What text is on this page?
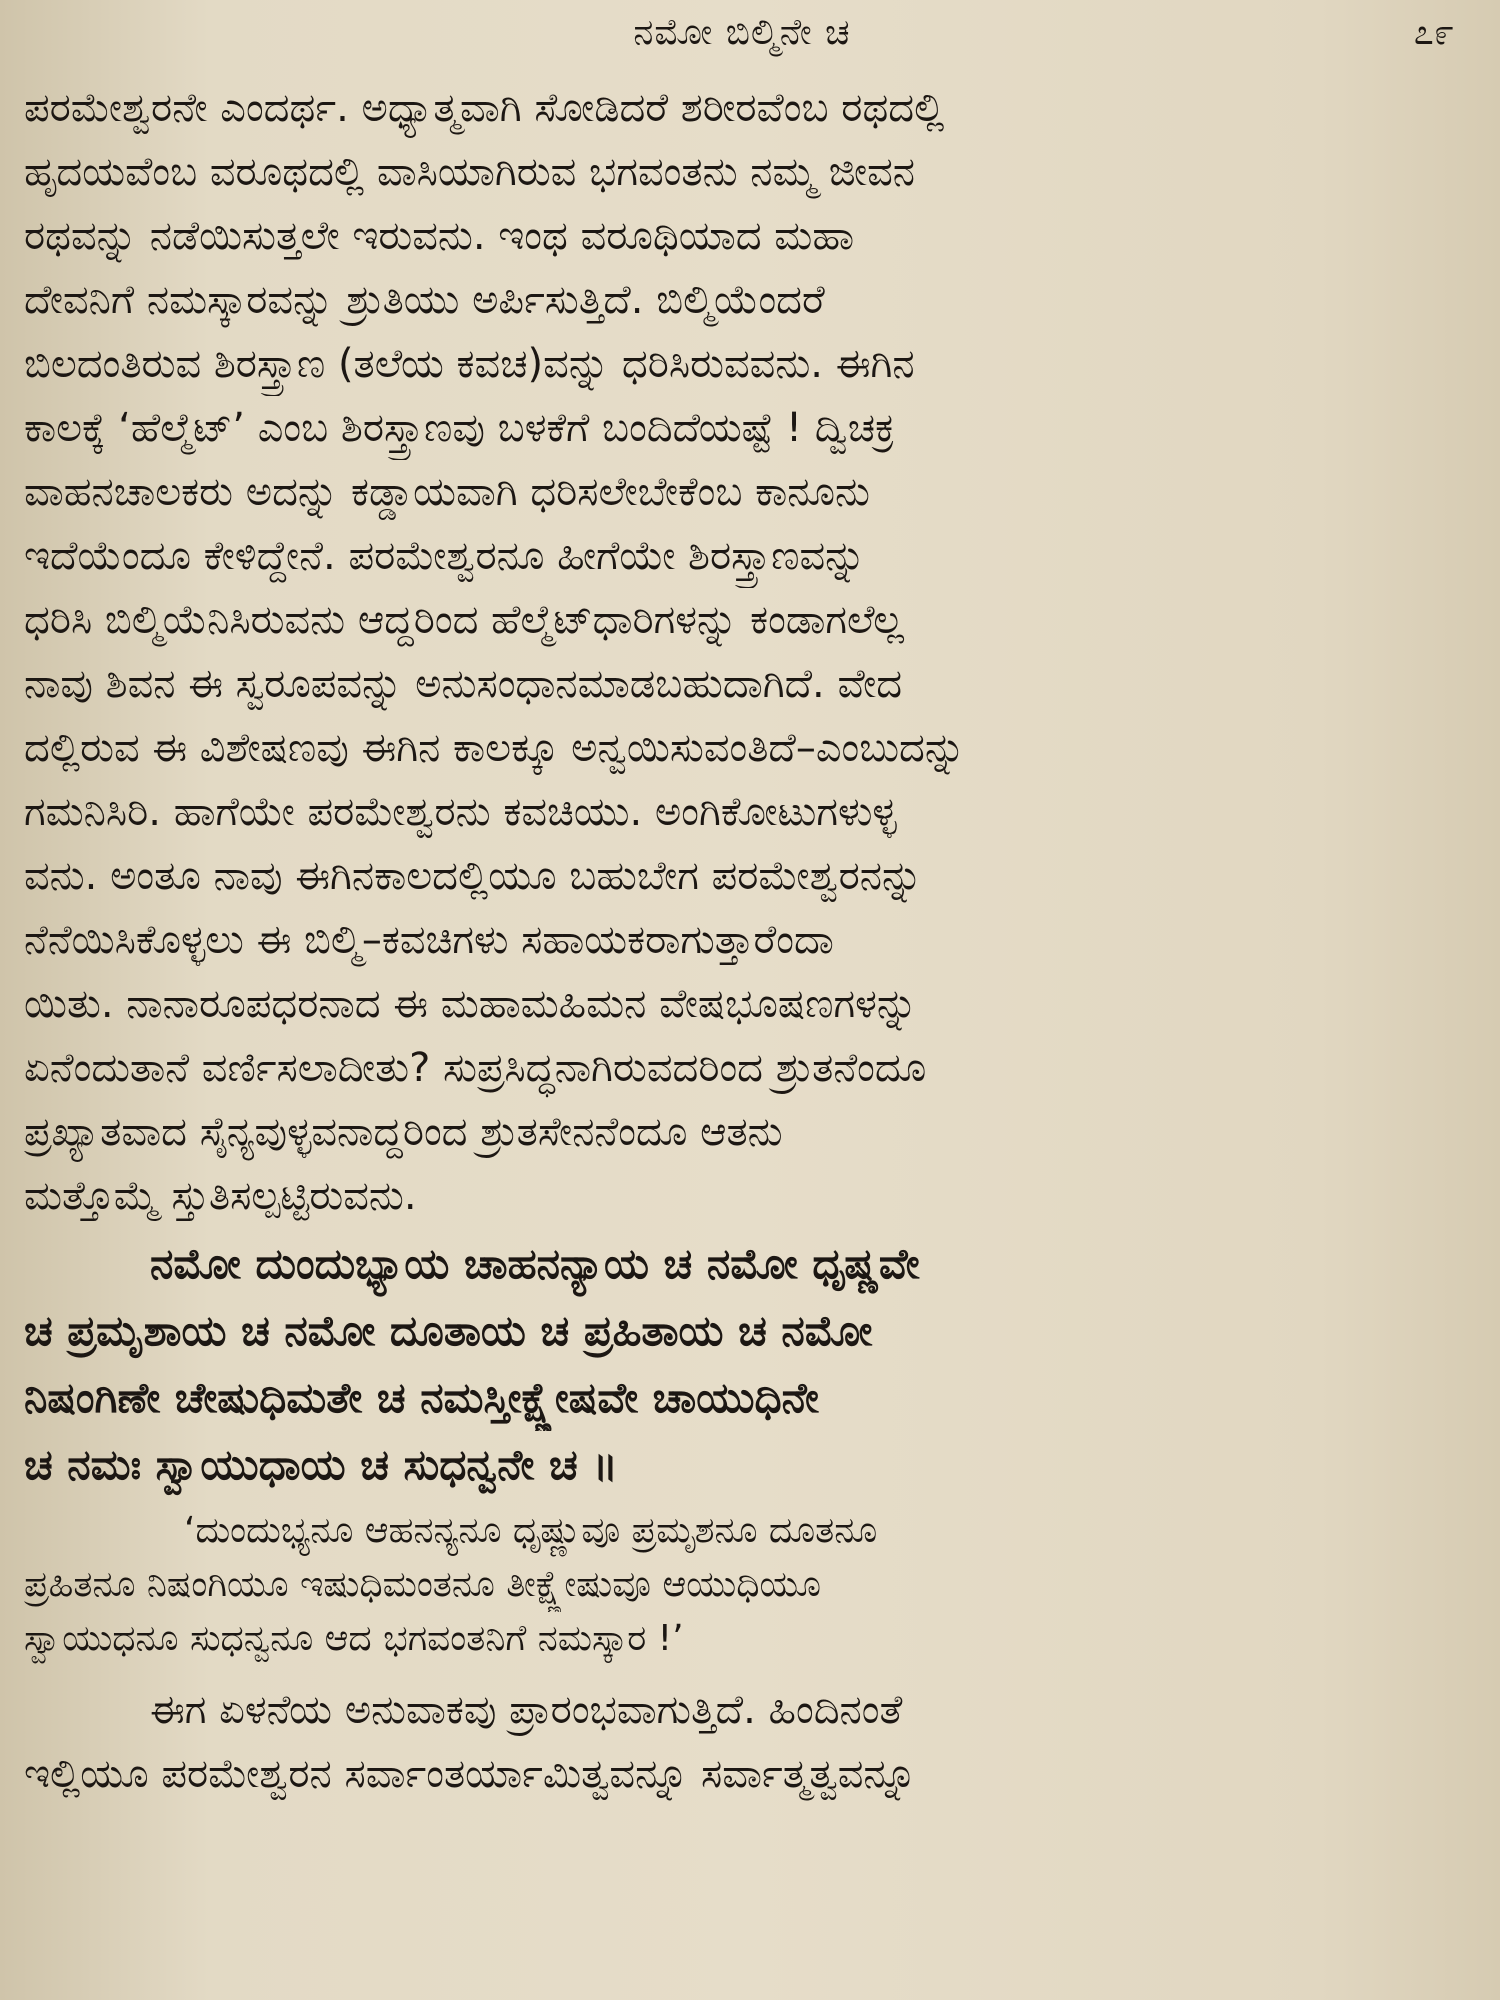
ನಮೋ ಬಿಲ್ಮಿನೇ ಚ	೭೯
ಪರಮೇಶ್ವರನೇ ಎಂದರ್ಥ. ಅಧ್ಯಾತ್ಮವಾಗಿ ಸೋಡಿದರೆ ಶರೀರವೆಂಬ ರಥದಲ್ಲಿ
ಹೃದಯವೆಂಬ ವರೂಥದಲ್ಲಿ ವಾಸಿಯಾಗಿರುವ ಭಗವಂತನು ನಮ್ಮ ಜೀವನ
ರಥವನ್ನು ನಡೆಯಿಸುತ್ತಲೇ ಇರುವನು. ಇಂಥ ವರೂಥಿಯಾದ ಮಹಾ
ದೇವನಿಗೆ ನಮಸ್ಕಾರವನ್ನು ಶ್ರುತಿಯು ಅರ್ಪಿಸುತ್ತಿದೆ. ಬಿಲ್ಮಿಯೆಂದರೆ
ಬಿಲದಂತಿರುವ ಶಿರಸ್ತ್ರಾಣ (ತಲೆಯ ಕವಚ)ವನ್ನು ಧರಿಸಿರುವವನು. ಈಗಿನ
ಕಾಲಕ್ಕೆ ‘ಹೆಲ್ಮೆಟ್’ ಎಂಬ ಶಿರಸ್ತ್ರಾಣವು ಬಳಕೆಗೆ ಬಂದಿದೆಯಷ್ಟೆ ! ದ್ವಿಚಕ್ರ
ವಾಹನಚಾಲಕರು ಅದನ್ನು ಕಡ್ಡಾಯವಾಗಿ ಧರಿಸಲೇಬೇಕೆಂಬ ಕಾನೂನು
ಇದೆಯೆಂದೂ ಕೇಳಿದ್ದೇನೆ. ಪರಮೇಶ್ವರನೂ ಹೀಗೆಯೇ ಶಿರಸ್ತ್ರಾಣವನ್ನು
ಧರಿಸಿ ಬಿಲ್ಮಿಯೆನಿಸಿರುವನು ಆದ್ದರಿಂದ ಹೆಲ್ಮೆಟ್‌ಧಾರಿಗಳನ್ನು ಕಂಡಾಗಲೆಲ್ಲ
ನಾವು ಶಿವನ ಈ ಸ್ವರೂಪವನ್ನು ಅನುಸಂಧಾನಮಾಡಬಹುದಾಗಿದೆ. ವೇದ
ದಲ್ಲಿರುವ ಈ ವಿಶೇಷಣವು ಈಗಿನ ಕಾಲಕ್ಕೂ ಅನ್ವಯಿಸುವಂತಿದೆ–ಎಂಬುದನ್ನು
ಗಮನಿಸಿರಿ. ಹಾಗೆಯೇ ಪರಮೇಶ್ವರನು ಕವಚಿಯು. ಅಂಗಿಕೋಟುಗಳುಳ್ಳ
ವನು. ಅಂತೂ ನಾವು ಈಗಿನಕಾಲದಲ್ಲಿಯೂ ಬಹುಬೇಗ ಪರಮೇಶ್ವರನನ್ನು
ನೆನೆಯಿಸಿಕೊಳ್ಳಲು ಈ ಬಿಲ್ಮಿ–ಕವಚಿಗಳು ಸಹಾಯಕರಾಗುತ್ತಾರೆಂದಾ
ಯಿತು. ನಾನಾರೂಪಧರನಾದ ಈ ಮಹಾಮಹಿಮನ ವೇಷಭೂಷಣಗಳನ್ನು
ಏನೆಂದುತಾನೆ ವರ್ಣಿಸಲಾದೀತು? ಸುಪ್ರಸಿದ್ಧನಾಗಿರುವದರಿಂದ ಶ್ರುತನೆಂದೂ
ಪ್ರಖ್ಯಾತವಾದ ಸೈನ್ಯವುಳ್ಳವನಾದ್ದರಿಂದ ಶ್ರುತಸೇನನೆಂದೂ ಆತನು
ಮತ್ತೊಮ್ಮೆ ಸ್ತುತಿಸಲ್ಪಟ್ಟಿರುವನು.
ನಮೋ ದುಂದುಭ್ಯಾಯ ಚಾಹನನ್ಯಾಯ ಚ ನಮೋ ಧೃಷ್ಣವೇ
ಚ ಪ್ರಮೃಶಾಯ ಚ ನಮೋ ದೂತಾಯ ಚ ಪ್ರಹಿತಾಯ ಚ ನಮೋ
ನಿಷಂಗಿಣೇ ಚೇಷುಧಿಮತೇ ಚ ನಮಸ್ತೀಕ್ಷ್ಣೇಷವೇ ಚಾಯುಧಿನೇ
ಚ ನಮಃ ಸ್ವಾಯುಧಾಯ ಚ ಸುಧನ್ವನೇ ಚ ॥
‘ದುಂದುಭ್ಯನೂ ಆಹನನ್ಯನೂ ಧೃಷ್ಣುವೂ ಪ್ರಮೃಶನೂ ದೂತನೂ
ಪ್ರಹಿತನೂ ನಿಷಂಗಿಯೂ ಇಷುಧಿಮಂತನೂ ತೀಕ್ಷ್ಣೇಷುವೂ ಆಯುಧಿಯೂ
ಸ್ವಾಯುಧನೂ ಸುಧನ್ವನೂ ಆದ ಭಗವಂತನಿಗೆ ನಮಸ್ಕಾರ !’
ಈಗ ಏಳನೆಯ ಅನುವಾಕವು ಪ್ರಾರಂಭವಾಗುತ್ತಿದೆ. ಹಿಂದಿನಂತೆ
ಇಲ್ಲಿಯೂ ಪರಮೇಶ್ವರನ ಸರ್ವಾಂತರ್ಯಾಮಿತ್ವವನ್ನೂ ಸರ್ವಾತ್ಮತ್ವವನ್ನೂ
